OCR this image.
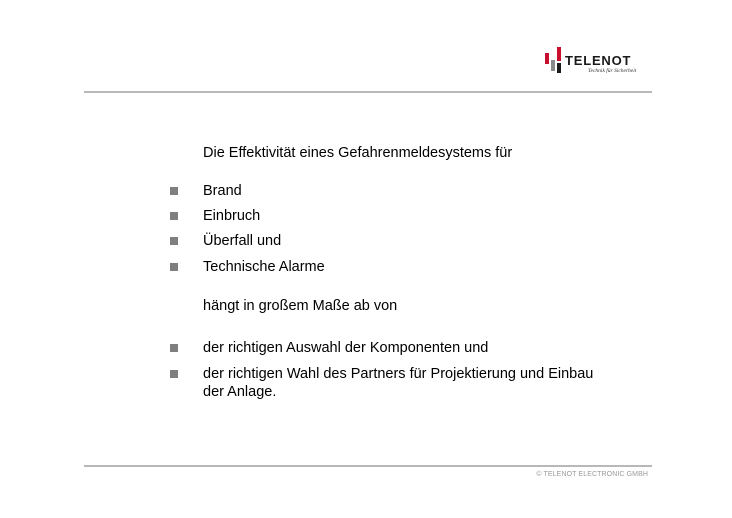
TELENOT
Technik für Sicherheit
Die Effektivität eines Gefahrenmeldesystems für
Brand
Einbruch
Überfall und
Technische Alarme
hängt in großem Maße ab von
der richtigen Auswahl der Komponenten und
der richtigen Wahl des Partners für Projektierung und Einbau
der Anlage.
© TELENOT ELECTRONIC GMBH
